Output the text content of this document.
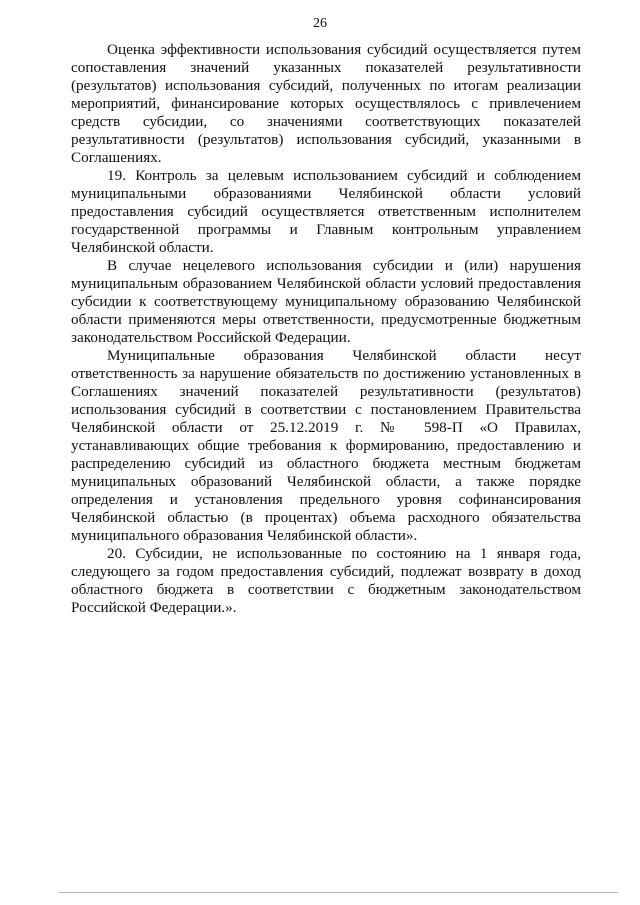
26

Оценка эффективности использования субсидий осуществляется путем сопоставления значений указанных показателей результативности (результатов) использования субсидий, полученных по итогам реализации мероприятий, финансирование которых осуществлялось с привлечением средств субсидии, со значениями соответствующих показателей результативности (результатов) использования субсидий, указанными в Соглашениях.

19. Контроль за целевым использованием субсидий и соблюдением муниципальными образованиями Челябинской области условий предоставления субсидий осуществляется ответственным исполнителем государственной программы и Главным контрольным управлением Челябинской области.

В случае нецелевого использования субсидии и (или) нарушения муниципальным образованием Челябинской области условий предоставления субсидии к соответствующему муниципальному образованию Челябинской области применяются меры ответственности, предусмотренные бюджетным законодательством Российской Федерации.

Муниципальные образования Челябинской области несут ответственность за нарушение обязательств по достижению установленных в Соглашениях значений показателей результативности (результатов) использования субсидий в соответствии с постановлением Правительства Челябинской области от 25.12.2019 г. № 598-П «О Правилах, устанавливающих общие требования к формированию, предоставлению и распределению субсидий из областного бюджета местным бюджетам муниципальных образований Челябинской области, а также порядке определения и установления предельного уровня софинансирования Челябинской областью (в процентах) объема расходного обязательства муниципального образования Челябинской области».

20. Субсидии, не использованные по состоянию на 1 января года, следующего за годом предоставления субсидий, подлежат возврату в доход областного бюджета в соответствии с бюджетным законодательством Российской Федерации.».
